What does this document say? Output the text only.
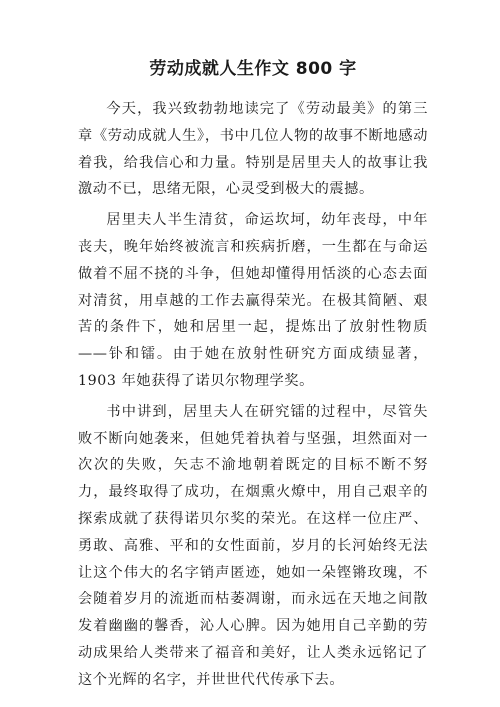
劳动成就人生作文 800 字

今天，我兴致勃勃地读完了《劳动最美》的第三章《劳动成就人生》，书中几位人物的故事不断地感动着我，给我信心和力量。特别是居里夫人的故事让我激动不已，思绪无限，心灵受到极大的震撼。

居里夫人半生清贫，命运坎坷，幼年丧母，中年丧夫，晚年始终被流言和疾病折磨，一生都在与命运做着不屈不挠的斗争，但她却懂得用恬淡的心态去面对清贫，用卓越的工作去赢得荣光。在极其简陋、艰苦的条件下，她和居里一起，提炼出了放射性物质——钋和镭。由于她在放射性研究方面成绩显著，1903 年她获得了诺贝尔物理学奖。

书中讲到，居里夫人在研究镭的过程中，尽管失败不断向她袭来，但她凭着执着与坚强，坦然面对一次次的失败，矢志不渝地朝着既定的目标不断不努力，最终取得了成功，在烟熏火燎中，用自己艰辛的探索成就了获得诺贝尔奖的荣光。在这样一位庄严、勇敢、高雅、平和的女性面前，岁月的长河始终无法让这个伟大的名字销声匿迹，她如一朵铿锵玫瑰，不会随着岁月的流逝而枯萎凋谢，而永远在天地之间散发着幽幽的馨香，沁人心脾。因为她用自己辛勤的劳动成果给人类带来了福音和美好，让人类永远铭记了这个光辉的名字，并世世代代传承下去。
